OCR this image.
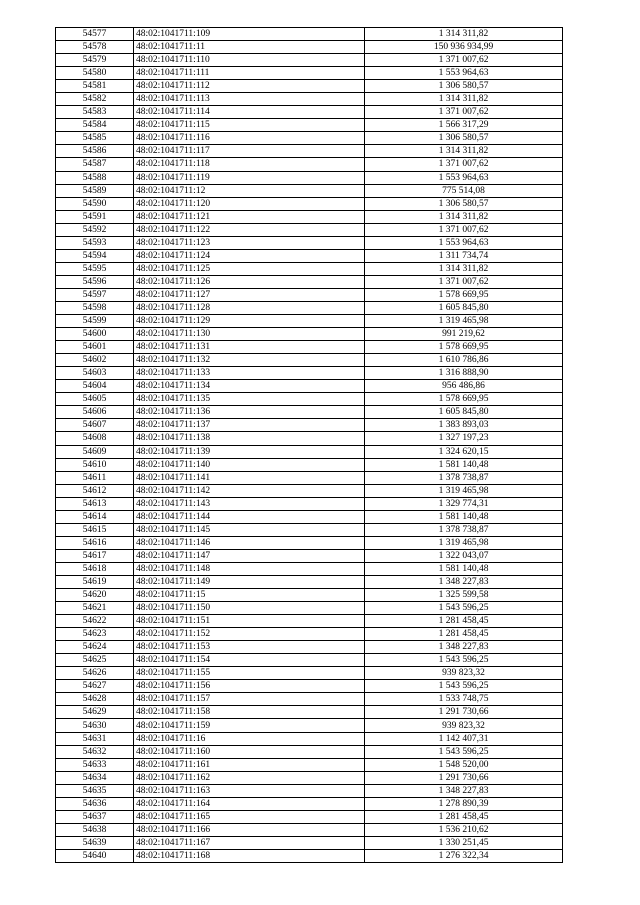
54577	48:02:1041711:109	1 314 311,82
54578	48:02:1041711:11	150 936 934,99
54579	48:02:1041711:110	1 371 007,62
54580	48:02:1041711:111	1 553 964,63
54581	48:02:1041711:112	1 306 580,57
54582	48:02:1041711:113	1 314 311,82
54583	48:02:1041711:114	1 371 007,62
54584	48:02:1041711:115	1 566 317,29
54585	48:02:1041711:116	1 306 580,57
54586	48:02:1041711:117	1 314 311,82
54587	48:02:1041711:118	1 371 007,62
54588	48:02:1041711:119	1 553 964,63
54589	48:02:1041711:12	775 514,08
54590	48:02:1041711:120	1 306 580,57
54591	48:02:1041711:121	1 314 311,82
54592	48:02:1041711:122	1 371 007,62
54593	48:02:1041711:123	1 553 964,63
54594	48:02:1041711:124	1 311 734,74
54595	48:02:1041711:125	1 314 311,82
54596	48:02:1041711:126	1 371 007,62
54597	48:02:1041711:127	1 578 669,95
54598	48:02:1041711:128	1 605 845,80
54599	48:02:1041711:129	1 319 465,98
54600	48:02:1041711:130	991 219,62
54601	48:02:1041711:131	1 578 669,95
54602	48:02:1041711:132	1 610 786,86
54603	48:02:1041711:133	1 316 888,90
54604	48:02:1041711:134	956 486,86
54605	48:02:1041711:135	1 578 669,95
54606	48:02:1041711:136	1 605 845,80
54607	48:02:1041711:137	1 383 893,03
54608	48:02:1041711:138	1 327 197,23
54609	48:02:1041711:139	1 324 620,15
54610	48:02:1041711:140	1 581 140,48
54611	48:02:1041711:141	1 378 738,87
54612	48:02:1041711:142	1 319 465,98
54613	48:02:1041711:143	1 329 774,31
54614	48:02:1041711:144	1 581 140,48
54615	48:02:1041711:145	1 378 738,87
54616	48:02:1041711:146	1 319 465,98
54617	48:02:1041711:147	1 322 043,07
54618	48:02:1041711:148	1 581 140,48
54619	48:02:1041711:149	1 348 227,83
54620	48:02:1041711:15	1 325 599,58
54621	48:02:1041711:150	1 543 596,25
54622	48:02:1041711:151	1 281 458,45
54623	48:02:1041711:152	1 281 458,45
54624	48:02:1041711:153	1 348 227,83
54625	48:02:1041711:154	1 543 596,25
54626	48:02:1041711:155	939 823,32
54627	48:02:1041711:156	1 543 596,25
54628	48:02:1041711:157	1 533 748,75
54629	48:02:1041711:158	1 291 730,66
54630	48:02:1041711:159	939 823,32
54631	48:02:1041711:16	1 142 407,31
54632	48:02:1041711:160	1 543 596,25
54633	48:02:1041711:161	1 548 520,00
54634	48:02:1041711:162	1 291 730,66
54635	48:02:1041711:163	1 348 227,83
54636	48:02:1041711:164	1 278 890,39
54637	48:02:1041711:165	1 281 458,45
54638	48:02:1041711:166	1 536 210,62
54639	48:02:1041711:167	1 330 251,45
54640	48:02:1041711:168	1 276 322,34
